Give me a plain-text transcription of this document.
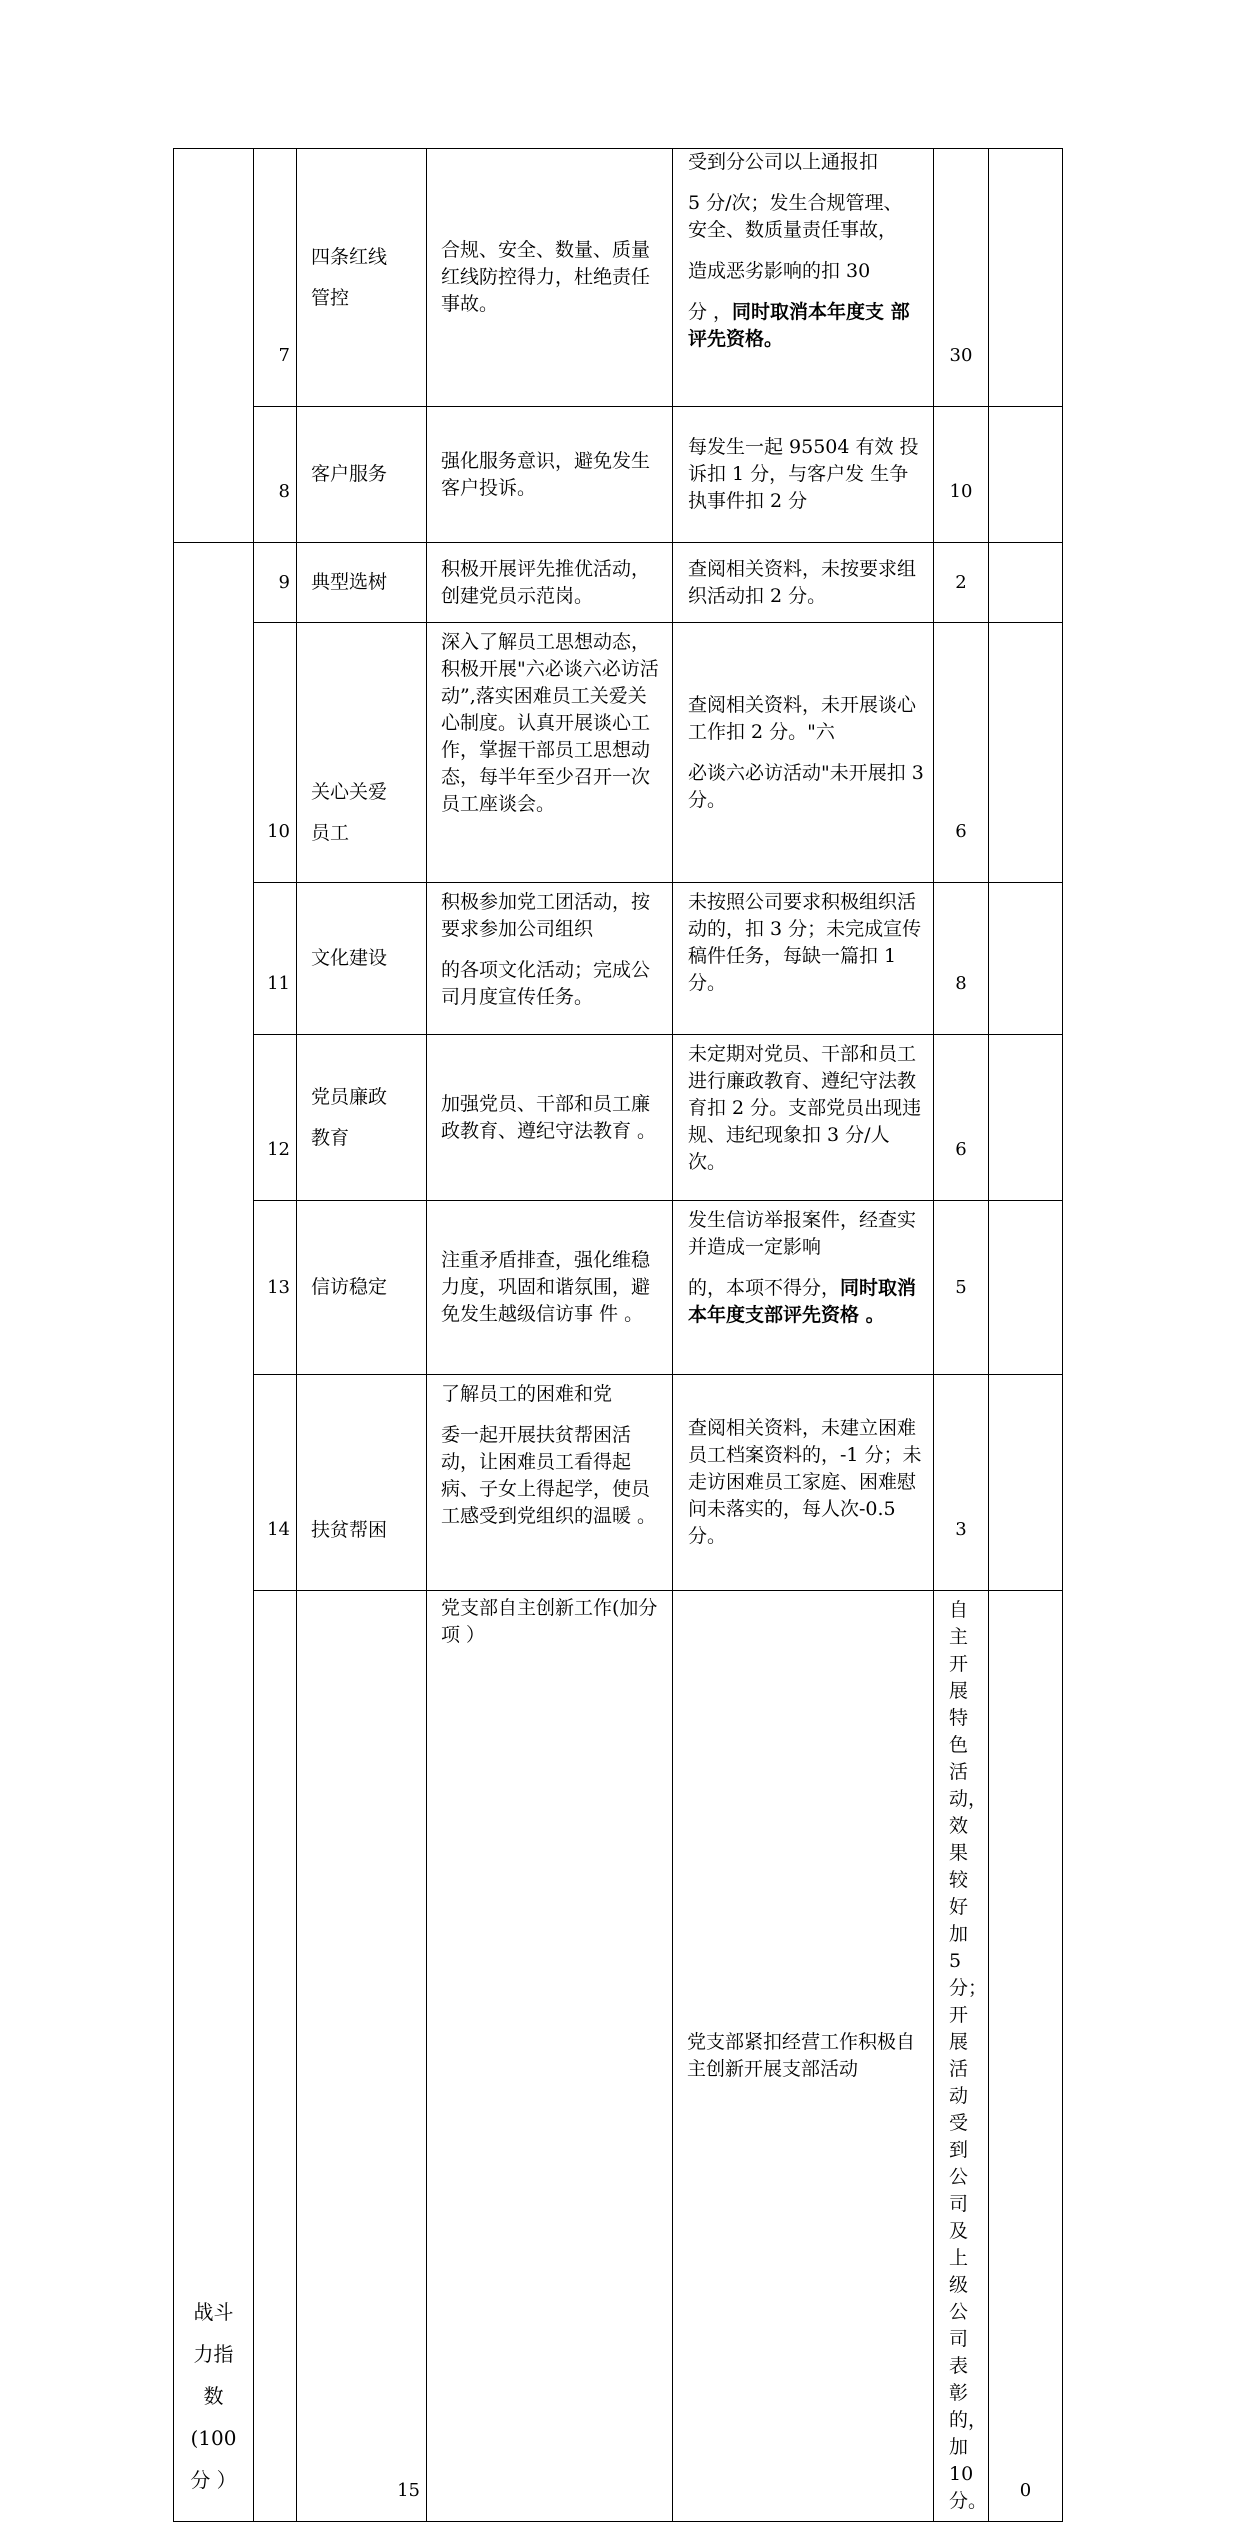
	7	四条红线
管控	合规、安全、数量、质量红线防控得力，杜绝责任事故。	受到分公司以上通报扣
5 分/次；发生合规管理、 安全、数质量责任事故，
造成恶劣影响的扣 30
分 ，同时取消本年度支 部评先资格。	30		
	8	客户服务	强化服务意识，避免发生客户投诉。	每发生一起 95504 有效 投诉扣 1 分，与客户发 生争执事件扣 2 分	10		

战斗

力指

数

(100

分 ）	9	典型选树	积极开展评先推优活动，创建党员示范岗。	查阅相关资料，未按要求组织活动扣 2 分。	2		
	10	关心关爱
员工	深入了解员工思想动态，积极开展"六必谈六必访活动”,落实困难员工关爱关心制度。认真开展谈心工作，掌握干部员工思想动态，每半年至少召开一次员工座谈会。	查阅相关资料，未开展谈心工作扣 2 分。"六
必谈六必访活动"未开展扣 3 分。	6		
	11	文化建设	积极参加党工团活动，按要求参加公司组织
的各项文化活动；完成公司月度宣传任务。	未按照公司要求积极组织活动的，扣 3 分；未完成宣传稿件任务，每缺一篇扣 1 分。	8		
	12	党员廉政
教育	加强党员、干部和员工廉政教育、遵纪守法教育 。	未定期对党员、干部和员工进行廉政教育、遵纪守法教育扣 2 分。支部党员出现违规、违纪现象扣 3 分/人次。	6		
	13	信访稳定	注重矛盾排查，强化维稳力度，巩固和谐氛围，避免发生越级信访事 件 。	发生信访举报案件，经查实并造成一定影响
的，本项不得分，同时取消本年度支部评先资格 。	5		
	14	扶贫帮困	了解员工的困难和党
委一起开展扶贫帮困活动，让困难员工看得起病、子女上得起学，使员工感受到党组织的温暖 。	查阅相关资料，未建立困难员工档案资料的，-1 分；未走访困难员工家庭、困难慰问未落实的，每人次-0.5 分。	3		
		15	党支部自主创新工作(加分项 ）	党支部紧扣经营工作积极自主创新开展支部活动	自主开展特色活动，效果较好加 5 分；开展活动受到公司及上级公司表彰的，加 10 分。	0	
